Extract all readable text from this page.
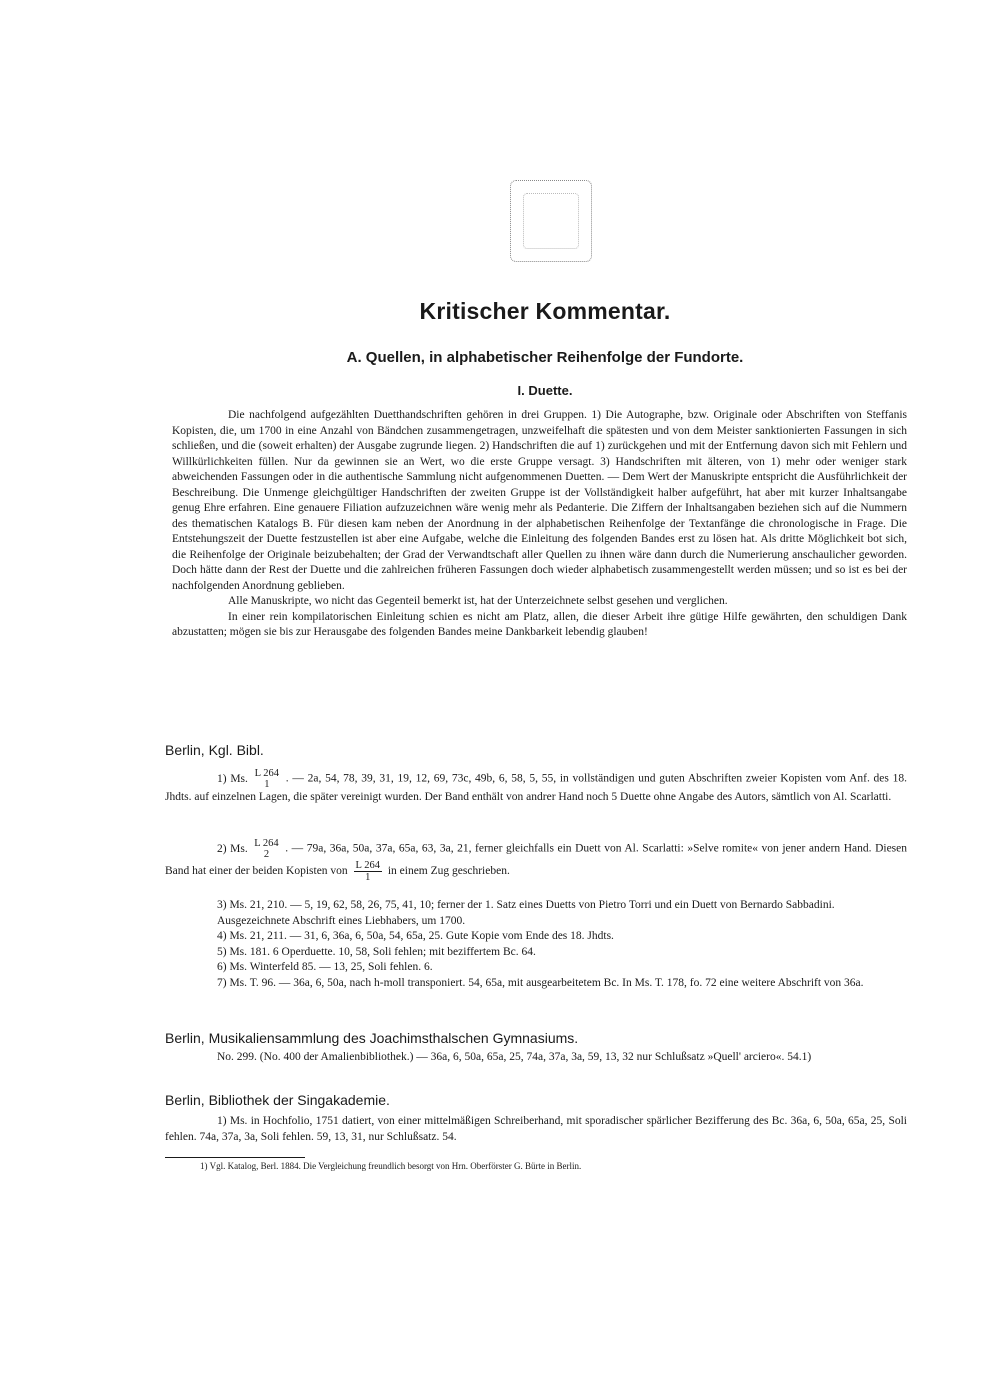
Kritischer Kommentar.
A. Quellen, in alphabetischer Reihenfolge der Fundorte.
I. Duette.

Die nachfolgend aufgezählten Duetthandschriften gehören in drei Gruppen. 1) Die Autographe, bzw. Originale oder Abschriften von Steffanis Kopisten, die, um 1700 in eine Anzahl von Bändchen zusammengetragen, unzweifelhaft die spätesten und von dem Meister sanktionierten Fassungen in sich schließen, und die (soweit erhalten) der Ausgabe zugrunde liegen. 2) Handschriften die auf 1) zurückgehen und mit der Entfernung davon sich mit Fehlern und Willkürlichkeiten füllen. Nur da gewinnen sie an Wert, wo die erste Gruppe versagt. 3) Handschriften mit älteren, von 1) mehr oder weniger stark abweichenden Fassungen oder in die authentische Sammlung nicht aufgenommenen Duetten. — Dem Wert der Manuskripte entspricht die Ausführlichkeit der Beschreibung. Die Unmenge gleichgültiger Handschriften der zweiten Gruppe ist der Vollständigkeit halber aufgeführt, hat aber mit kurzer Inhaltsangabe genug Ehre erfahren. Eine genauere Filiation aufzuzeichnen wäre wenig mehr als Pedanterie. Die Ziffern der Inhaltsangaben beziehen sich auf die Nummern des thematischen Katalogs B. Für diesen kam neben der Anordnung in der alphabetischen Reihenfolge der Textanfänge die chronologische in Frage. Die Entstehungszeit der Duette festzustellen ist aber eine Aufgabe, welche die Einleitung des folgenden Bandes erst zu lösen hat. Als dritte Möglichkeit bot sich, die Reihenfolge der Originale beizubehalten; der Grad der Verwandtschaft aller Quellen zu ihnen wäre dann durch die Numerierung anschaulicher geworden. Doch hätte dann der Rest der Duette und die zahlreichen früheren Fassungen doch wieder alphabetisch zusammengestellt werden müssen; und so ist es bei der nachfolgenden Anordnung geblieben.

Alle Manuskripte, wo nicht das Gegenteil bemerkt ist, hat der Unterzeichnete selbst gesehen und verglichen.

In einer rein kompilatorischen Einleitung schien es nicht am Platz, allen, die dieser Arbeit ihre gütige Hilfe gewährten, den schuldigen Dank abzustatten; mögen sie bis zur Herausgabe des folgenden Bandes meine Dankbarkeit lebendig glauben!

Berlin, Kgl. Bibl.
1) Ms. L 264
1	. — 2a, 54, 78, 39, 31, 19, 12, 69, 73c, 49b, 6, 58, 5, 55, in vollständigen und guten Abschriften zweier Kopisten vom Anf. des 18. Jhdts. auf einzelnen Lagen, die später vereinigt wurden. Der Band enthält von andrer Hand noch 5 Duette ohne Angabe des Autors, sämtlich von Al. Scarlatti.
2) Ms. L 264
2	. — 79a, 36a, 50a, 37a, 65a, 63, 3a, 21, ferner gleichfalls ein Duett von Al. Scarlatti: »Selve romite« von jener andern Hand. Diesen Band hat einer der beiden Kopisten von $\frac{L 264}{1}$ in einem Zug geschrieben.
3) Ms. 21, 210. — 5, 19, 62, 58, 26, 75, 41, 10; ferner der 1. Satz eines Duetts von Pietro Torri und ein Duett von Bernardo Sabbadini. Ausgezeichnete Abschrift eines Liebhabers, um 1700.
4) Ms. 21, 211. — 31, 6, 36a, 6, 50a, 54, 65a, 25. Gute Kopie vom Ende des 18. Jhdts.
5) Ms. 181. 6 Operduette. 10, 58, Soli fehlen; mit beziffertem Bc. 64.
6) Ms. Winterfeld 85. — 13, 25, Soli fehlen. 6.
7) Ms. T. 96. — 36a, 6, 50a, nach h-moll transponiert. 54, 65a, mit ausgearbeitetem Bc. In Ms. T. 178, fo. 72 eine weitere Abschrift von 36a.
Berlin, Musikaliensammlung des Joachimsthalschen Gymnasiums.
No. 299. (No. 400 der Amalienbibliothek.) — 36a, 6, 50a, 65a, 25, 74a, 37a, 3a, 59, 13, 32 nur Schlußsatz »Quell' arciero«. 54.1)
Berlin, Bibliothek der Singakademie.
1) Ms. in Hochfolio, 1751 datiert, von einer mittelmäßigen Schreiberhand, mit sporadischer spärlicher Bezifferung des Bc. 36a, 6, 50a, 65a, 25, Soli fehlen. 74a, 37a, 3a, Soli fehlen. 59, 13, 31, nur Schlußsatz. 54.
1) Vgl. Katalog, Berl. 1884. Die Vergleichung freundlich besorgt von Hrn. Oberförster G. Bürte in Berlin.
